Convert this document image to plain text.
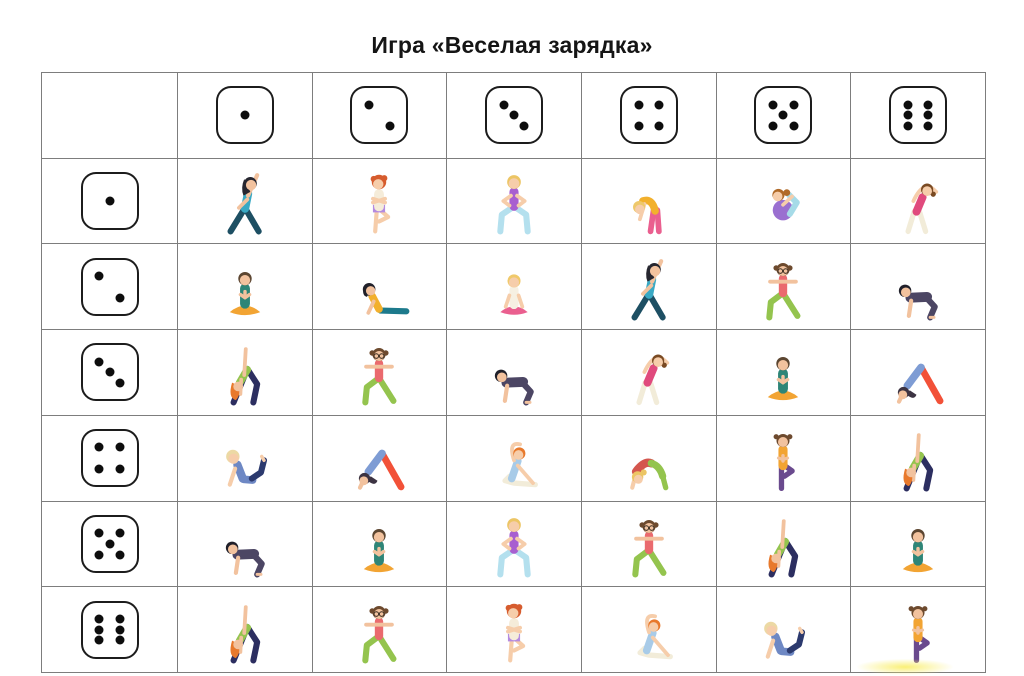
Игра «Веселая зарядка»
